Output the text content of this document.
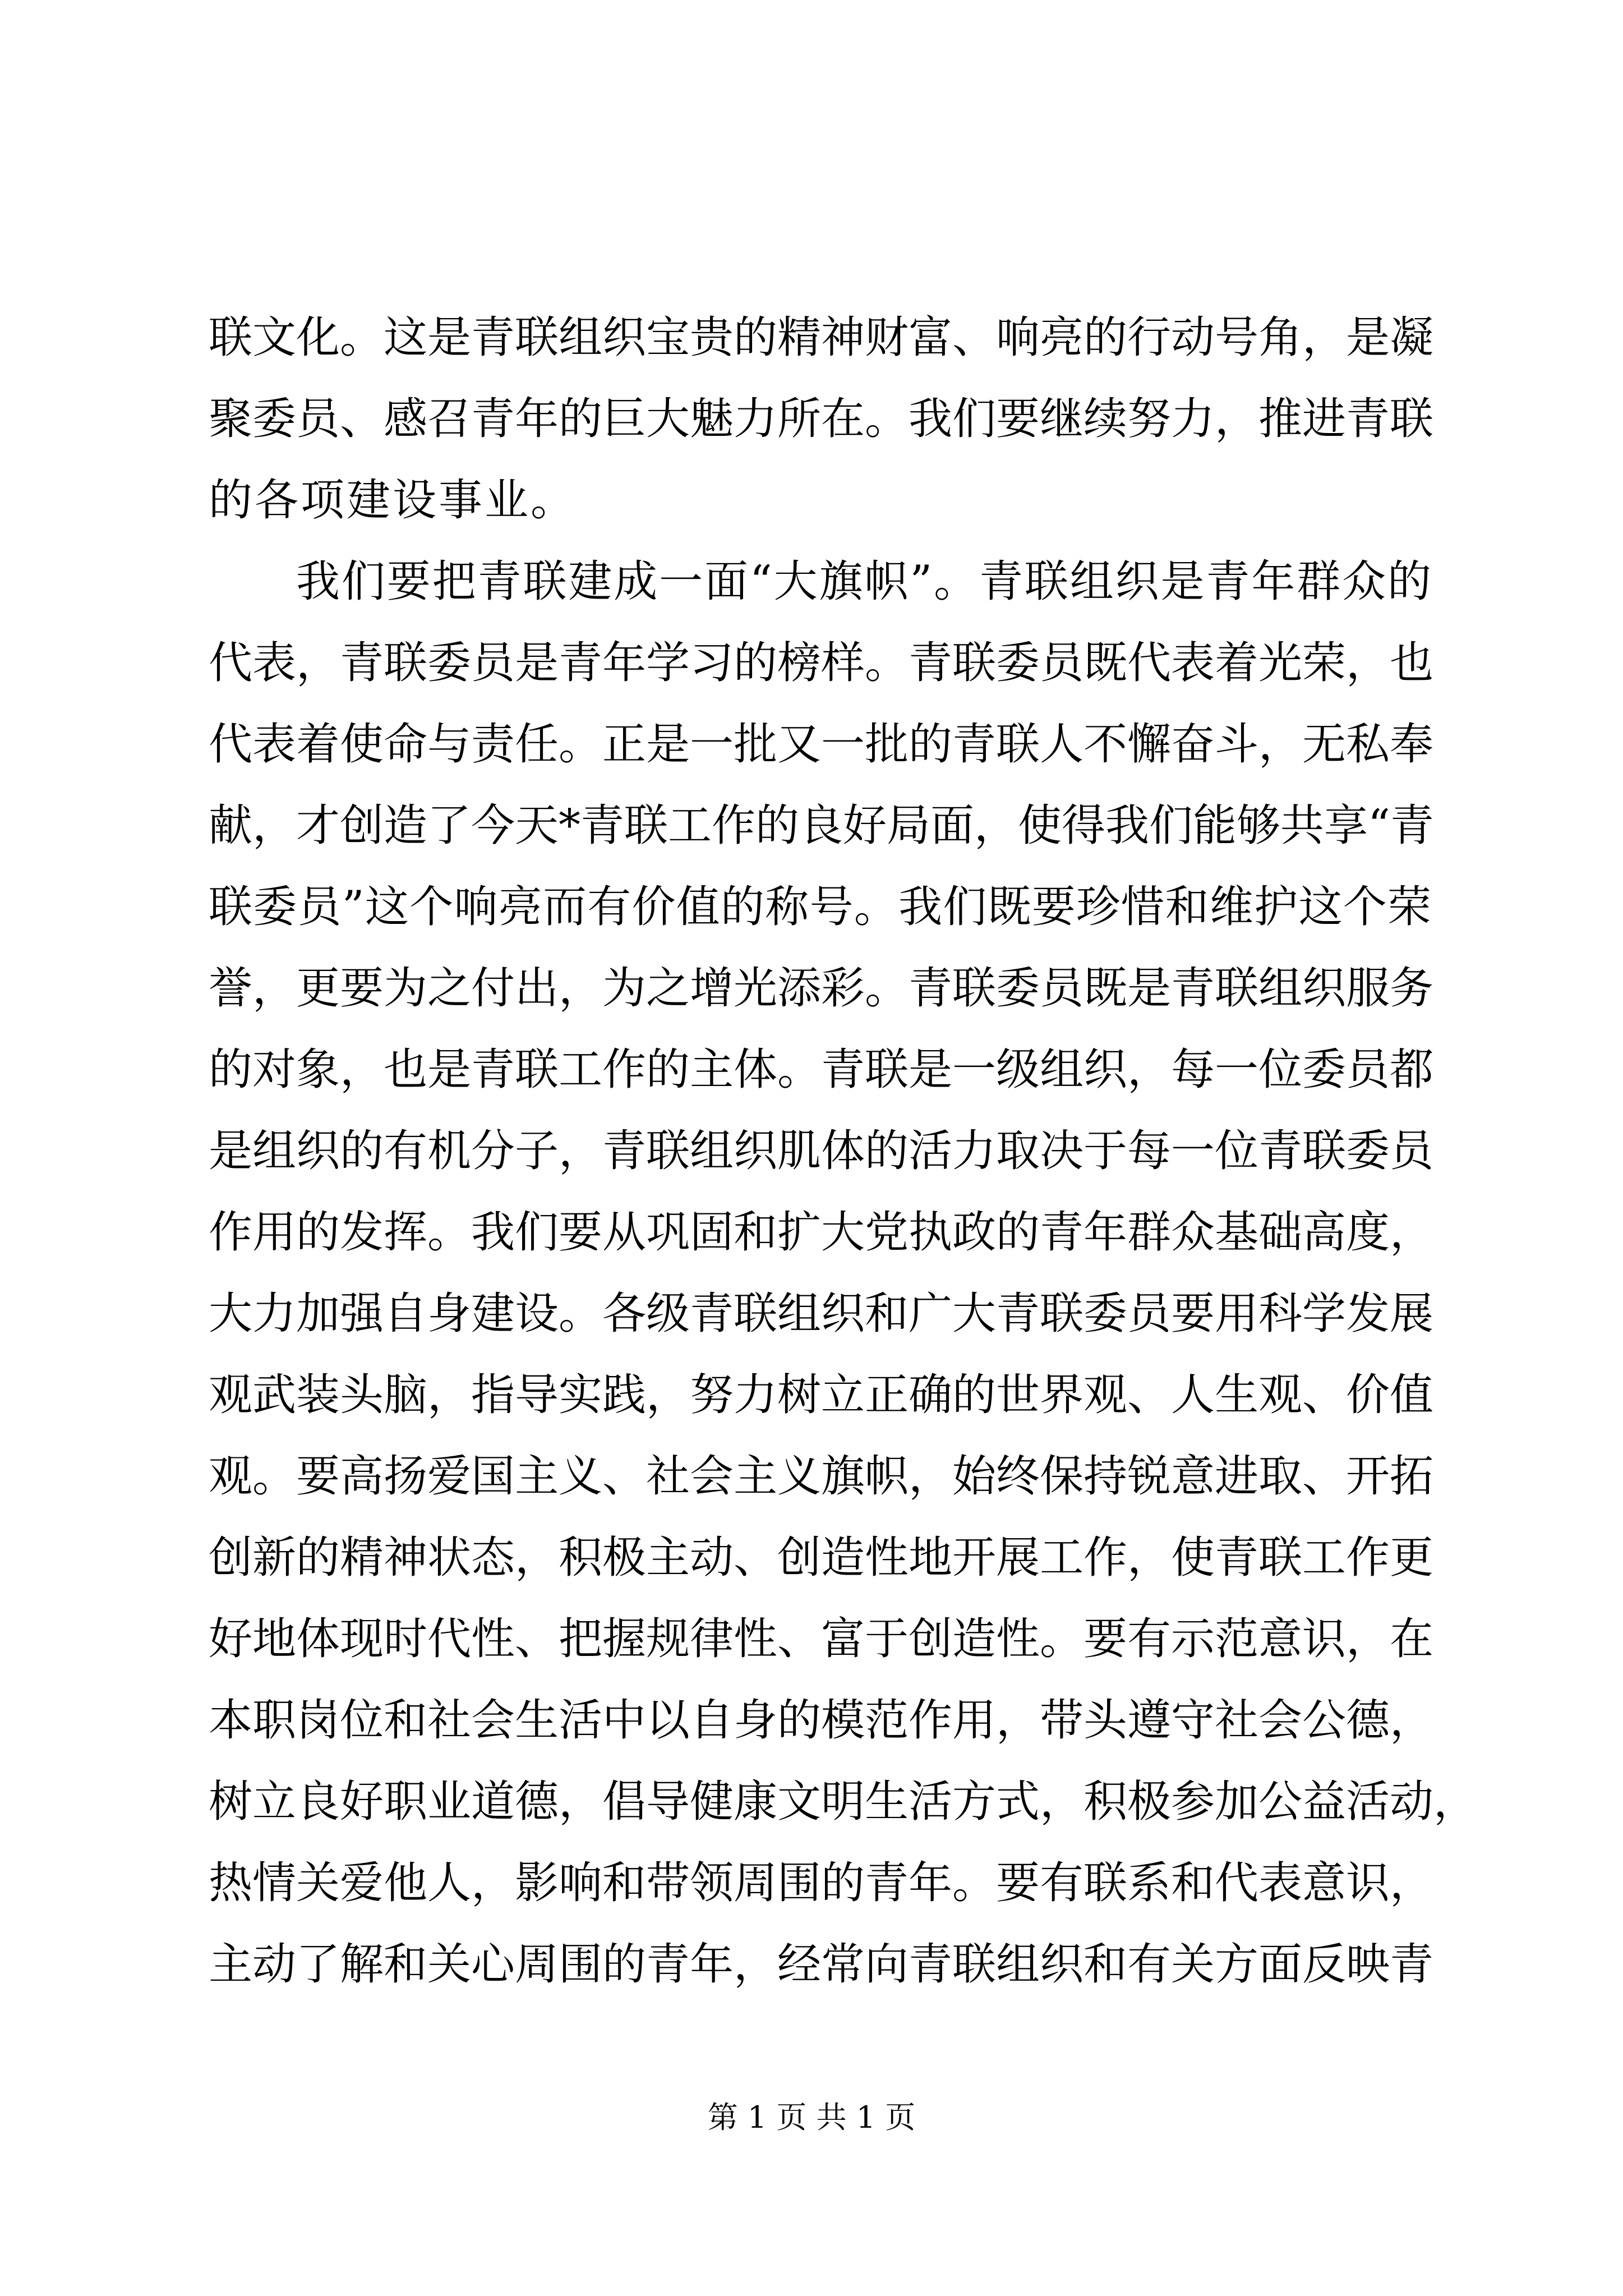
联文化。这是青联组织宝贵的精神财富、响亮的行动号角，是凝
聚委员、感召青年的巨大魅力所在。我们要继续努力，推进青联
的各项建设事业。
我们要把青联建成一面“大旗帜”。青联组织是青年群众的
代表，青联委员是青年学习的榜样。青联委员既代表着光荣，也
代表着使命与责任。正是一批又一批的青联人不懈奋斗，无私奉
献，才创造了今天*青联工作的良好局面，使得我们能够共享“青
联委员”这个响亮而有价值的称号。我们既要珍惜和维护这个荣
誉，更要为之付出，为之增光添彩。青联委员既是青联组织服务
的对象，也是青联工作的主体。青联是一级组织，每一位委员都
是组织的有机分子，青联组织肌体的活力取决于每一位青联委员
作用的发挥。我们要从巩固和扩大党执政的青年群众基础高度，
大力加强自身建设。各级青联组织和广大青联委员要用科学发展
观武装头脑，指导实践，努力树立正确的世界观、人生观、价值
观。要高扬爱国主义、社会主义旗帜，始终保持锐意进取、开拓
创新的精神状态，积极主动、创造性地开展工作，使青联工作更
好地体现时代性、把握规律性、富于创造性。要有示范意识，在
本职岗位和社会生活中以自身的模范作用，带头遵守社会公德，
树立良好职业道德，倡导健康文明生活方式，积极参加公益活动，
热情关爱他人，影响和带领周围的青年。要有联系和代表意识，
主动了解和关心周围的青年，经常向青联组织和有关方面反映青
第 1 页 共 1 页
